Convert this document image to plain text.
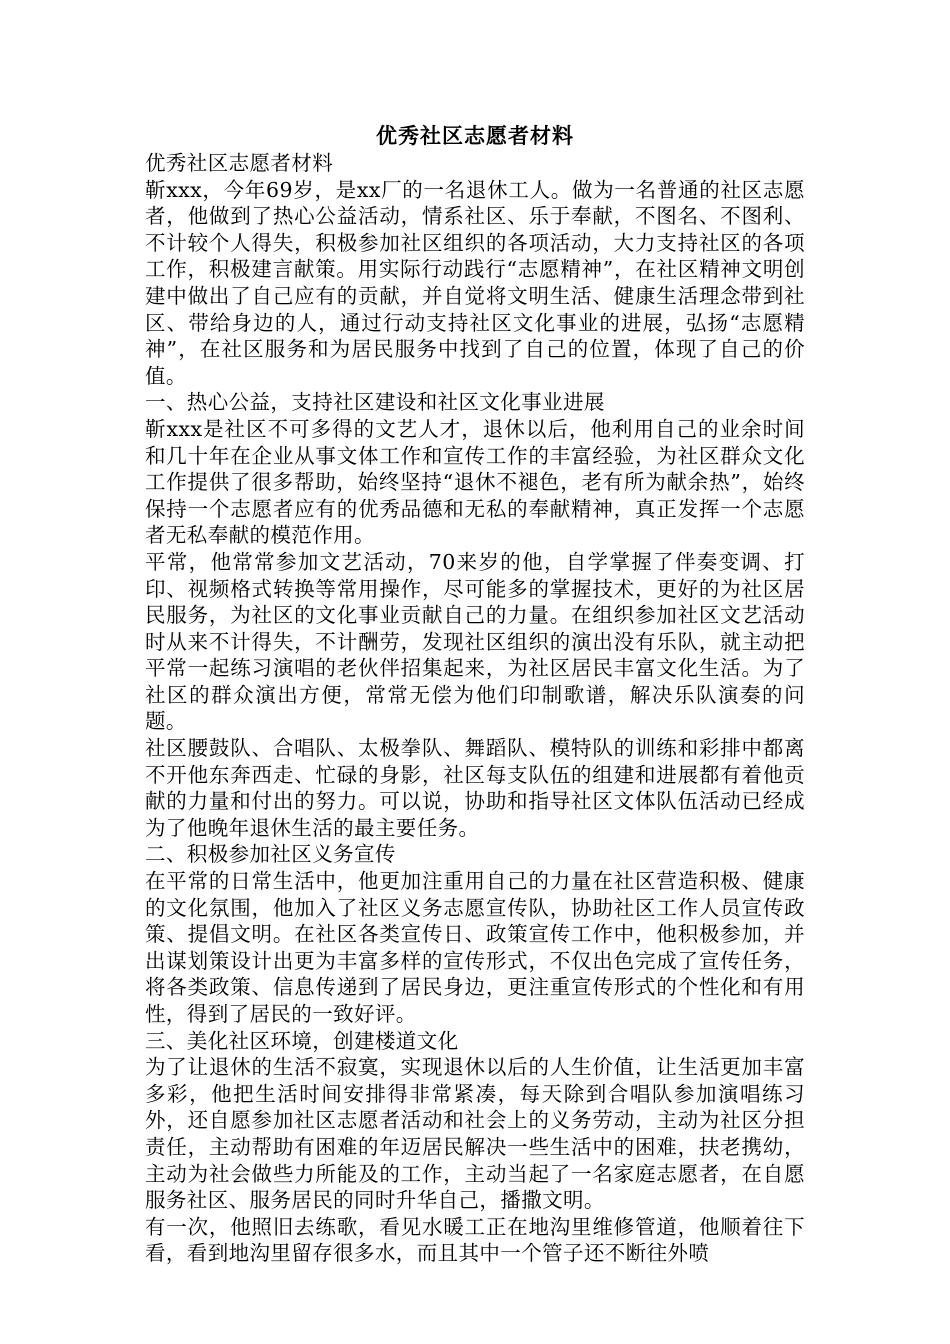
优秀社区志愿者材料

优秀社区志愿者材料

靳xxx，今年69岁，是xx厂的一名退休工人。做为一名普通的社区志愿者，他做到了热心公益活动，情系社区、乐于奉献，不图名、不图利、不计较个人得失，积极参加社区组织的各项活动，大力支持社区的各项工作，积极建言献策。用实际行动践行“志愿精神”，在社区精神文明创建中做出了自己应有的贡献，并自觉将文明生活、健康生活理念带到社区、带给身边的人，通过行动支持社区文化事业的进展，弘扬“志愿精神”，在社区服务和为居民服务中找到了自己的位置，体现了自己的价值。

一、热心公益，支持社区建设和社区文化事业进展

靳xxx是社区不可多得的文艺人才，退休以后，他利用自己的业余时间和几十年在企业从事文体工作和宣传工作的丰富经验，为社区群众文化工作提供了很多帮助，始终坚持“退休不褪色，老有所为献余热”，始终保持一个志愿者应有的优秀品德和无私的奉献精神，真正发挥一个志愿者无私奉献的模范作用。

平常，他常常参加文艺活动，70来岁的他，自学掌握了伴奏变调、打印、视频格式转换等常用操作，尽可能多的掌握技术，更好的为社区居民服务，为社区的文化事业贡献自己的力量。在组织参加社区文艺活动时从来不计得失，不计酬劳，发现社区组织的演出没有乐队，就主动把平常一起练习演唱的老伙伴招集起来，为社区居民丰富文化生活。为了社区的群众演出方便，常常无偿为他们印制歌谱，解决乐队演奏的问题。

社区腰鼓队、合唱队、太极拳队、舞蹈队、模特队的训练和彩排中都离不开他东奔西走、忙碌的身影，社区每支队伍的组建和进展都有着他贡献的力量和付出的努力。可以说，协助和指导社区文体队伍活动已经成为了他晚年退休生活的最主要任务。

二、积极参加社区义务宣传

在平常的日常生活中，他更加注重用自己的力量在社区营造积极、健康的文化氛围，他加入了社区义务志愿宣传队，协助社区工作人员宣传政策、提倡文明。在社区各类宣传日、政策宣传工作中，他积极参加，并出谋划策设计出更为丰富多样的宣传形式，不仅出色完成了宣传任务，将各类政策、信息传递到了居民身边，更注重宣传形式的个性化和有用性，得到了居民的一致好评。

三、美化社区环境，创建楼道文化

为了让退休的生活不寂寞，实现退休以后的人生价值，让生活更加丰富多彩，他把生活时间安排得非常紧凑，每天除到合唱队参加演唱练习外，还自愿参加社区志愿者活动和社会上的义务劳动，主动为社区分担责任，主动帮助有困难的年迈居民解决一些生活中的困难，扶老携幼，主动为社会做些力所能及的工作，主动当起了一名家庭志愿者，在自愿服务社区、服务居民的同时升华自己，播撒文明。

有一次，他照旧去练歌，看见水暖工正在地沟里维修管道，他顺着往下看，看到地沟里留存很多水，而且其中一个管子还不断往外喷
